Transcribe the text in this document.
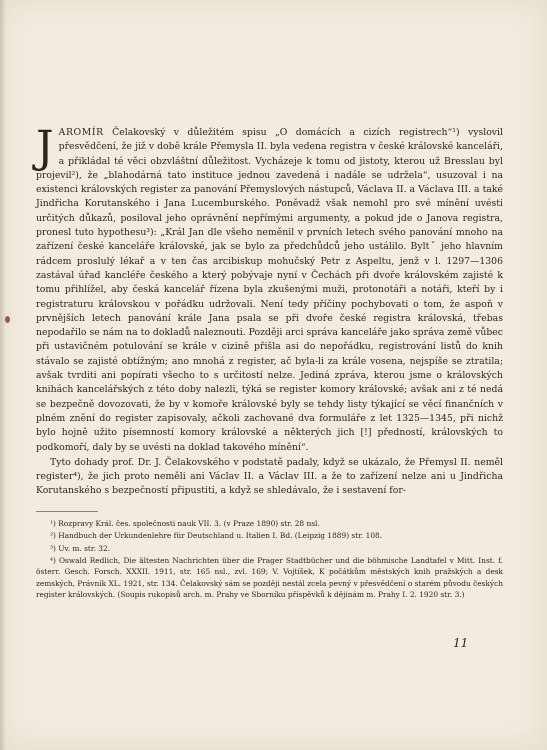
JAROMÍR Čelakovský v důležitém spisu „O domácích a cizích registrech“¹) vyslovil přesvědčení, že již v době krále Přemysla II. byla vedena registra v české královské kanceláři, a přikládal té věci obzvláštní důležitost. Vycházeje k tomu od jistoty, kterou už Bresslau byl projevil²), že „blahodárná tato instituce jednou zavedená i nadále se udržela“, usuzoval i na existenci královských register za panování Přemyslových nástupců, Václava II. a Václava III. a také Jindřicha Korutanského i Jana Lucemburského. Poněvadž však nemohl pro své mínění uvésti určitých důkazů, posiloval jeho oprávnění nepřímými argumenty, a pokud jde o Janova registra, pronesl tuto hypothesu³): „Král Jan dle všeho neměnil v prvních letech svého panování mnoho na zařízení české kanceláře královské, jak se bylo za předchůdců jeho ustálilo. Byltˇ jeho hlavním rádcem proslulý lékař a v ten čas arcibiskup mohučský Petr z Aspeltu, jenž v l. 1297—1306 zastával úřad kancléře českého a který pobývaje nyní v Čechách při dvoře královském zajisté k tomu přihlížel, aby česká kancelář řízena byla zkušenými muži, protonotáři a notáři, kteří by i registraturu královskou v pořádku udržovali. Není tedy příčiny pochybovati o tom, že aspoň v prvnějších letech panování krále Jana psala se při dvoře české registra královská, třebas nepodařilo se nám na to dokladů naleznouti. Později arci správa kanceláře jako správa země vůbec při ustavičném potulování se krále v cizině přišla asi do nepořádku, registrování listů do knih stávalo se zajisté obtížným; ano mnohá z register, ač byla-li za krále vosena, nejspíše se ztratila; avšak tvrditi ani popírati všecho to s určitostí nelze. Jediná zpráva, kterou jsme o královských knihách kancelářských z této doby nalezli, týká se register komory královské; avšak ani z té nedá se bezpečně dovozovati, že by v komoře královské byly se tehdy listy týkající se věcí finančních v plném znění do register zapisovaly, ačkoli zachované dva formuláře z let 1325—1345, při nichž bylo hojně užito písemností komory královské a některých jich [!] předností, královských to podkomoří, daly by se uvésti na doklad takového mínění“.

Tyto dohady prof. Dr. J. Čelakovského v podstatě padaly, když se ukázalo, že Přemysl II. neměl register⁴), že jich proto neměli ani Václav II. a Václav III. a že to zařízení nelze ani u Jindřicha Korutanského s bezpečností připustiti, a když se shledávalo, že i sestavení for-

¹) Rozpravy Král. čes. společnosti nauk VII. 3. (v Praze 1890) str. 28 nsl.

²) Handbuch der Urkundenlehre für Deutschland u. Italien I. Bd. (Leipzig 1889) str. 108.

³) Uv. m. str. 32.

⁴) Oswald Redlich, Die ältesten Nachrichten über die Prager Stadtbücher und die böhmische Landtafel v Mitt. Inst. f. österr. Gesch. Forsch. XXXII. 1911, str. 165 nsl., zvl. 169; V. Vojtíšek, K počátkům městských knih pražských a desk zemských, Právník XL. 1921, str. 134. Čelakovský sám se později nestál zcela pevný v přesvědčení o starém původu českých register královských. (Soupis rukopisů arch. m. Prahy ve Sborníku příspěvků k dějinám m. Prahy I. 2. 1920 str. 3.)

11
